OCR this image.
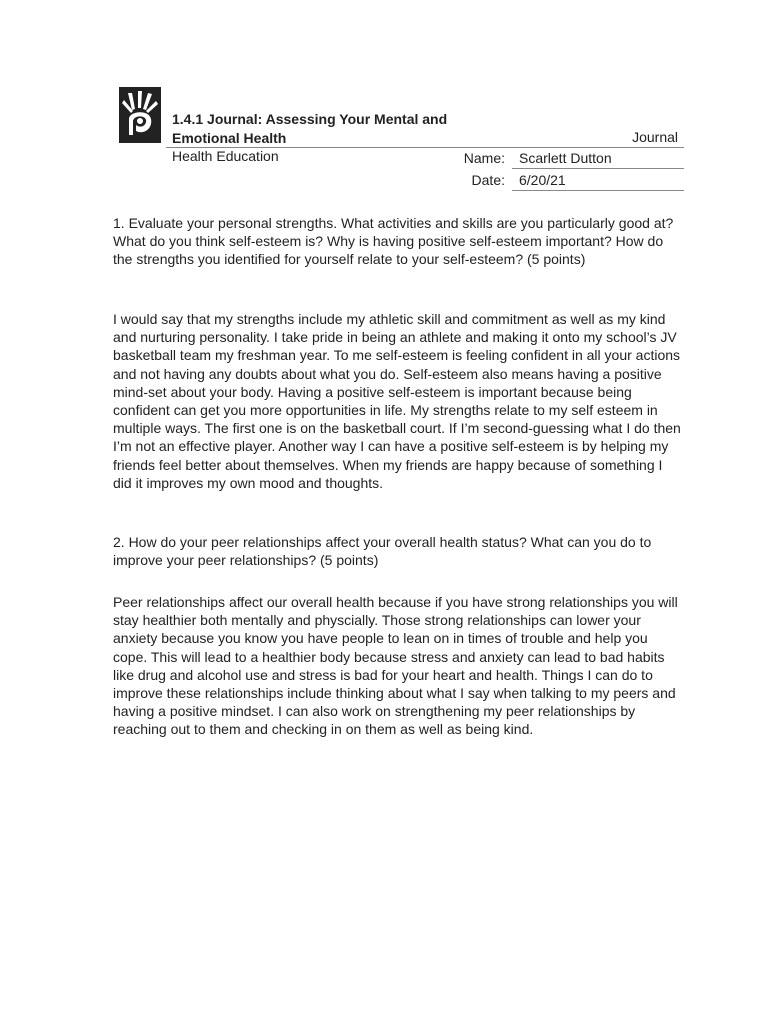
1.4.1 Journal: Assessing Your Mental and Emotional Health	Journal
Health Education	Name: Scarlett Dutton
Date: 6/20/21

1. Evaluate your personal strengths. What activities and skills are you particularly good at? What do you think self-esteem is? Why is having positive self-esteem important? How do the strengths you identified for yourself relate to your self-esteem? (5 points)

I would say that my strengths include my athletic skill and commitment as well as my kind and nurturing personality. I take pride in being an athlete and making it onto my school’s JV basketball team my freshman year. To me self-esteem is feeling confident in all your actions and not having any doubts about what you do. Self-esteem also means having a positive mind-set about your body. Having a positive self-esteem is important because being confident can get you more opportunities in life. My strengths relate to my self esteem in multiple ways. The first one is on the basketball court. If I’m second-guessing what I do then I’m not an effective player. Another way I can have a positive self-esteem is by helping my friends feel better about themselves. When my friends are happy because of something I did it improves my own mood and thoughts.

2. How do your peer relationships affect your overall health status? What can you do to improve your peer relationships? (5 points)

Peer relationships affect our overall health because if you have strong relationships you will stay healthier both mentally and physcially. Those strong relationships can lower your anxiety because you know you have people to lean on in times of trouble and help you cope. This will lead to a healthier body because stress and anxiety can lead to bad habits like drug and alcohol use and stress is bad for your heart and health. Things I can do to improve these relationships include thinking about what I say when talking to my peers and having a positive mindset. I can also work on strengthening my peer relationships by reaching out to them and checking in on them as well as being kind.
